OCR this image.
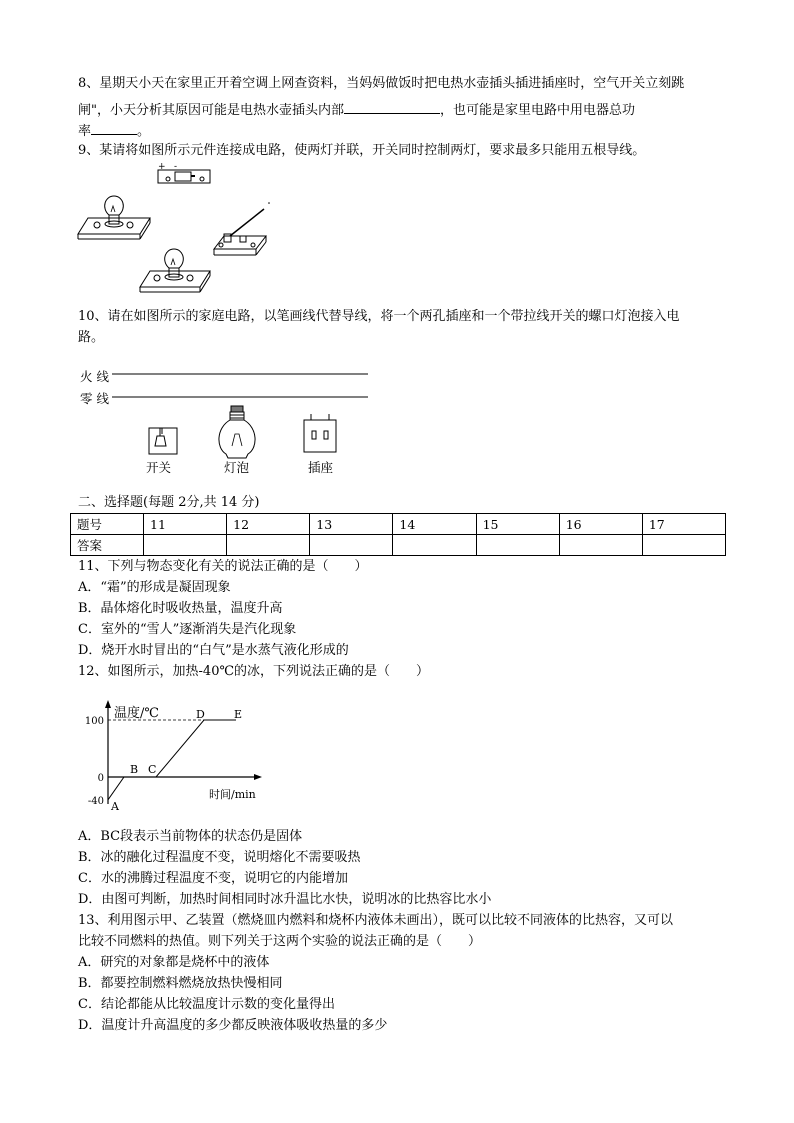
8、星期天小天在家里正开着空调上网查资料，当妈妈做饭时把电热水壶插头插进插座时，空气开关立刻跳
闸"，小天分析其原因可能是电热水壶插头内部	，也可能是家里电路中用电器总功
率	。
9、某请将如图所示元件连接成电路，使两灯并联，开关同时控制两灯，要求最多只能用五根导线。
+ -
10、请在如图所示的家庭电路，以笔画线代替导线，将一个两孔插座和一个带拉线开关的螺口灯泡接入电
路。
火 线
零 线
开关	灯泡	插座
二、选择题(每题 2分,共 14 分)
题号	11	12	13	14	15	16	17
答案							
11、下列与物态变化有关的说法正确的是（　　）
A．“霜”的形成是凝固现象
B．晶体熔化时吸收热量，温度升高
C．室外的“雪人”逐渐消失是汽化现象
D．烧开水时冒出的“白气”是水蒸气液化形成的
12、如图所示，加热-40℃的冰，下列说法正确的是（　　）
100
0
-40 A
B C
D	E
温度/℃
时间/min
A．BC段表示当前物体的状态仍是固体
B．冰的融化过程温度不变，说明熔化不需要吸热
C．水的沸腾过程温度不变，说明它的内能增加
D．由图可判断，加热时间相同时冰升温比水快，说明冰的比热容比水小
13、利用图示甲、乙装置（燃烧皿内燃料和烧杯内液体未画出），既可以比较不同液体的比热容，又可以
比较不同燃料的热值。则下列关于这两个实验的说法正确的是（　　）
A．研究的对象都是烧杯中的液体
B．都要控制燃料燃烧放热快慢相同
C．结论都能从比较温度计示数的变化量得出
D．温度计升高温度的多少都反映液体吸收热量的多少
